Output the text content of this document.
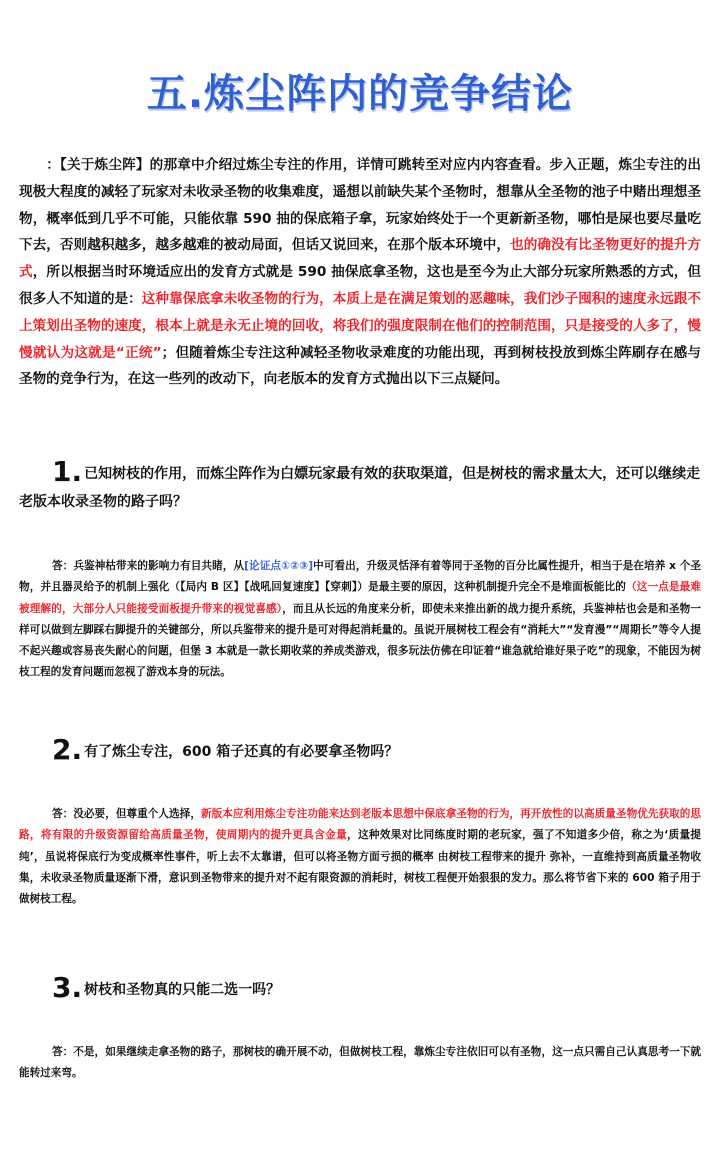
五.炼尘阵内的竞争结论
：【关于炼尘阵】的那章中介绍过炼尘专注的作用，详情可跳转至对应内内容查看。步入正题，炼尘专注的出现极大程度的减轻了玩家对未收录圣物的收集难度，遥想以前缺失某个圣物时，想靠从全圣物的池子中赌出理想圣物，概率低到几乎不可能，只能依靠 590 抽的保底箱子拿，玩家始终处于一个更新新圣物，哪怕是屎也要尽量吃下去，否则越积越多，越多越难的被动局面，但话又说回来，在那个版本环境中，也的确没有比圣物更好的提升方式，所以根据当时环境适应出的发育方式就是 590 抽保底拿圣物，这也是至今为止大部分玩家所熟悉的方式，但很多人不知道的是：这种靠保底拿未收圣物的行为，本质上是在满足策划的恶趣味，我们沙子囤积的速度永远跟不上策划出圣物的速度，根本上就是永无止境的回收，将我们的强度限制在他们的控制范围，只是接受的人多了，慢慢就认为这就是“正统”；但随着炼尘专注这种减轻圣物收录难度的功能出现，再到树枝投放到炼尘阵刷存在感与圣物的竞争行为，在这一些列的改动下，向老版本的发育方式抛出以下三点疑问。
1. 已知树枝的作用，而炼尘阵作为白嫖玩家最有效的获取渠道，但是树枝的需求量太大，还可以继续走老版本收录圣物的路子吗？
答：兵鉴神枯带来的影响力有目共睹，从[论证点①②③]中可看出，升级灵恬泽有着等同于圣物的百分比属性提升，相当于是在培养 x 个圣物，并且器灵给予的机制上强化（【局内 B 区】【战吼回复速度】【穿刺】）是最主要的原因，这种机制提升完全不是堆面板能比的（这一点是最难被理解的，大部分人只能接受面板提升带来的视觉喜感），而且从长远的角度来分析，即使未来推出新的战力提升系统，兵鉴神枯也会是和圣物一样可以做到左脚踩右脚提升的关键部分，所以兵鉴带来的提升是可对得起消耗量的。虽说开展树枝工程会有“消耗大”“发育漫”“周期长”等令人提不起兴趣或容易丧失耐心的问题，但堡 3 本就是一款长期收菜的养成类游戏，很多玩法仿佛在印证着“谁急就给谁好果子吃”的现象，不能因为树枝工程的发育问题而忽视了游戏本身的玩法。
2. 有了炼尘专注，600 箱子还真的有必要拿圣物吗？
答：没必要，但尊重个人选择，新版本应利用炼尘专注功能来达到老版本思想中保底拿圣物的行为，再开放性的以高质量圣物优先获取的思路，将有限的升级资源留给高质量圣物，使周期内的提升更具含金量，这种效果对比同练度时期的老玩家，强了不知道多少倍，称之为‘质量提纯’，虽说将保底行为变成概率性事件，听上去不太靠谱，但可以将圣物方面亏损的概率 由树枝工程带来的提升 弥补，一直维持到高质量圣物收集，未收录圣物质量逐渐下滑，意识到圣物带来的提升对不起有限资源的消耗时，树枝工程便开始狠狠的发力。那么将节省下来的 600 箱子用于做树枝工程。
3. 树枝和圣物真的只能二选一吗？
答：不是，如果继续走拿圣物的路子，那树枝的确开展不动，但做树枝工程，靠炼尘专注依旧可以有圣物，这一点只需自己认真思考一下就能转过来弯。
